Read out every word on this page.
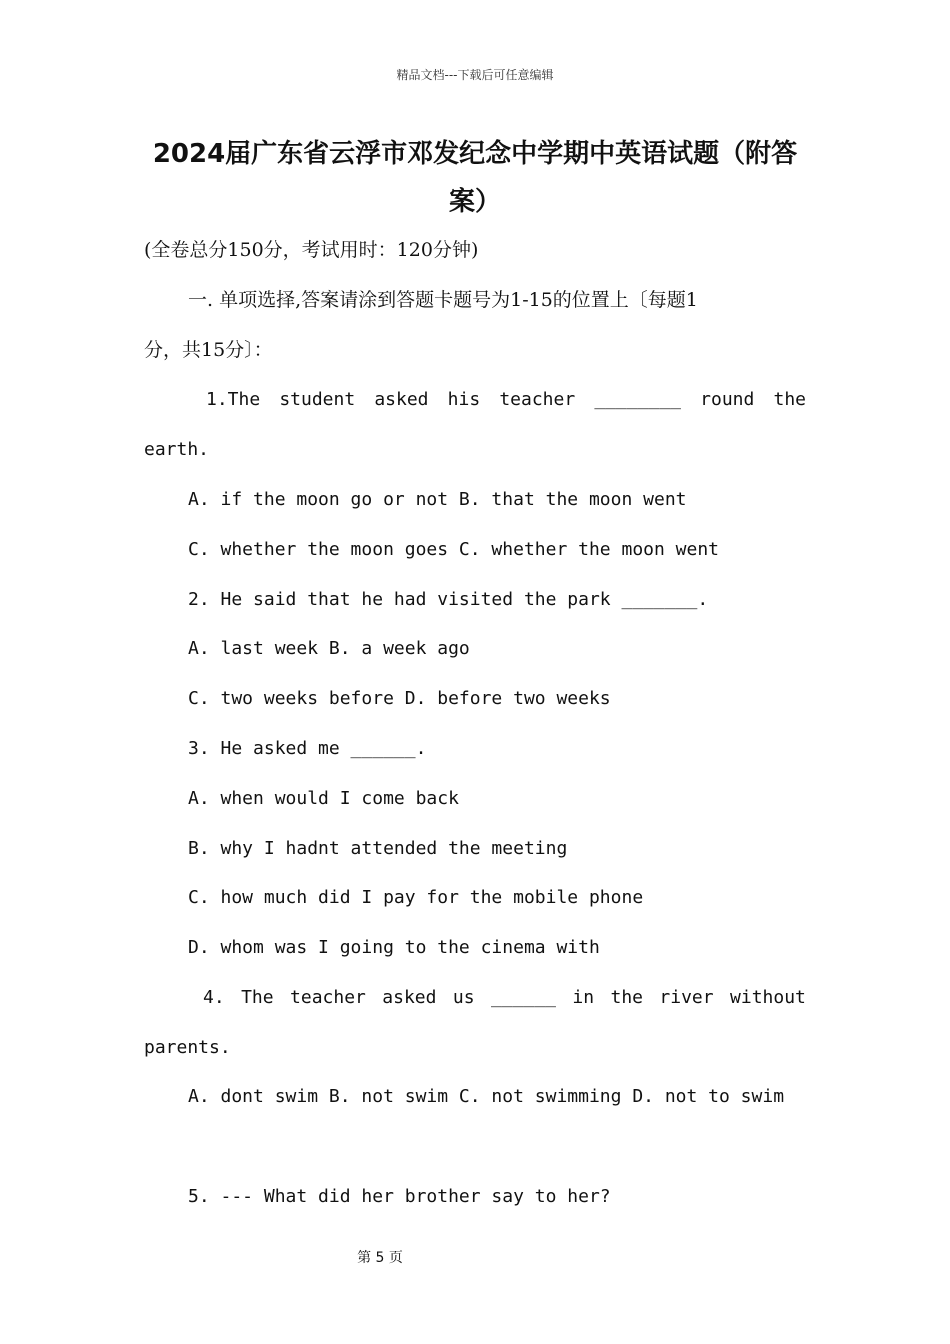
精品文档---下载后可任意编辑
2024届广东省云浮市邓发纪念中学期中英语试题（附答
案）
(全卷总分150分，考试用时：120分钟)
一. 单项选择,答案请涂到答题卡题号为1-15的位置上〔每题1
分，共15分〕：
1.The student asked his teacher ________ round the
earth.
A. if the moon go or not B. that the moon went
C. whether the moon goes C. whether the moon went
2. He said that he had visited the park _______.
A. last week B. a week ago
C. two weeks before D. before two weeks
3. He asked me ______.
A. when would I come back
B. why I hadnt attended the meeting
C. how much did I pay for the mobile phone
D. whom was I going to the cinema with
4. The teacher asked us ______ in the river without
parents.
A. dont swim B. not swim C. not swimming D. not to swim
5. --- What did her brother say to her?
第 5 页
